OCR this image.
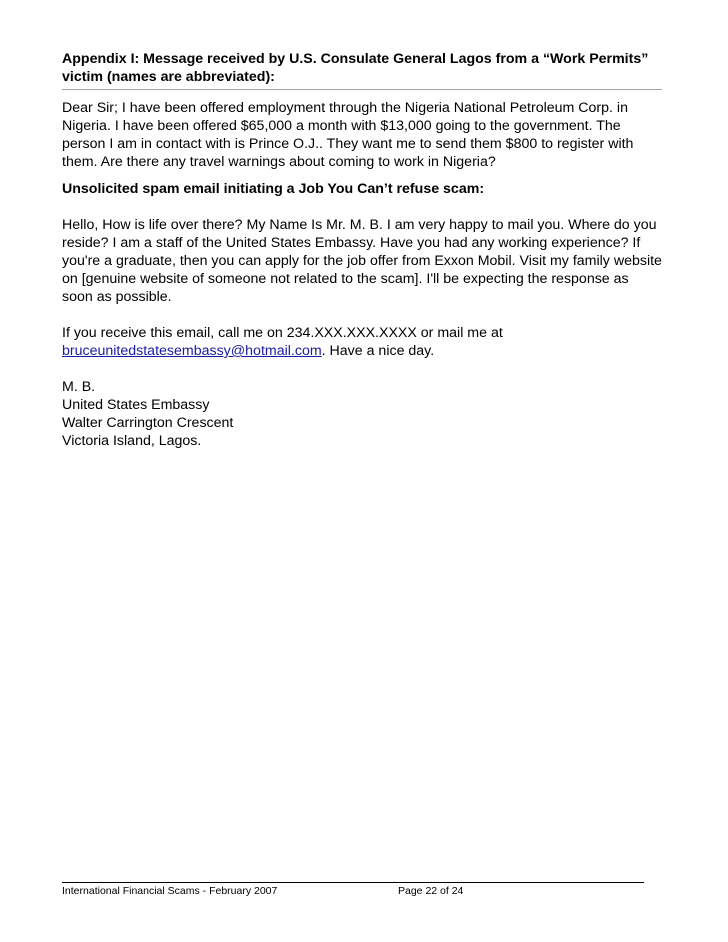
Appendix I: Message received by U.S. Consulate General Lagos from a “Work Permits” victim (names are abbreviated):

Dear Sir; I have been offered employment through the Nigeria National Petroleum Corp. in Nigeria. I have been offered $65,000 a month with $13,000 going to the government. The person I am in contact with is Prince O.J.. They want me to send them $800 to register with them. Are there any travel warnings about coming to work in Nigeria?

Unsolicited spam email initiating a Job You Can’t refuse scam:

Hello, How is life over there? My Name Is Mr. M. B. I am very happy to mail you. Where do you reside? I am a staff of the United States Embassy. Have you had any working experience? If you're a graduate, then you can apply for the job offer from Exxon Mobil. Visit my family website on [genuine website of someone not related to the scam]. I'll be expecting the response as soon as possible.

If you receive this email, call me on 234.XXX.XXX.XXXX or mail me at
bruceunitedstatesembassy@hotmail.com. Have a nice day.

M. B.
United States Embassy
Walter Carrington Crescent
Victoria Island, Lagos.

International Financial Scams - February 2007	Page 22 of 24
